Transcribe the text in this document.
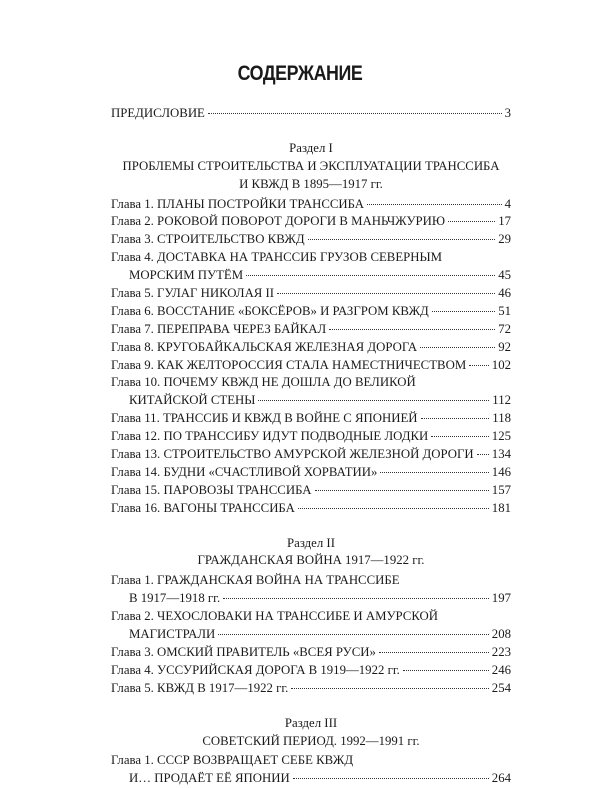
СОДЕРЖАНИЕ
ПРЕДИСЛОВИЕ	3
Раздел I
ПРОБЛЕМЫ СТРОИТЕЛЬСТВА И ЭКСПЛУАТАЦИИ ТРАНССИБА
И КВЖД В 1895—1917 гг.
Глава 1. ПЛАНЫ ПОСТРОЙКИ ТРАНССИБА	4
Глава 2. РОКОВОЙ ПОВОРОТ ДОРОГИ В МАНЬЧЖУРИЮ	17
Глава 3. СТРОИТЕЛЬСТВО КВЖД	29
Глава 4. ДОСТАВКА НА ТРАНССИБ ГРУЗОВ СЕВЕРНЫМ
МОРСКИМ ПУТЁМ	45
Глава 5. ГУЛАГ НИКОЛАЯ II	46
Глава 6. ВОССТАНИЕ «БОКСЁРОВ» И РАЗГРОМ КВЖД	51
Глава 7. ПЕРЕПРАВА ЧЕРЕЗ БАЙКАЛ	72
Глава 8. КРУГОБАЙКАЛЬСКАЯ ЖЕЛЕЗНАЯ ДОРОГА	92
Глава 9. КАК ЖЕЛТОРОССИЯ СТАЛА НАМЕСТНИЧЕСТВОМ 102
Глава 10. ПОЧЕМУ КВЖД НЕ ДОШЛА ДО ВЕЛИКОЙ
КИТАЙСКОЙ СТЕНЫ	112
Глава 11. ТРАНССИБ И КВЖД В ВОЙНЕ С ЯПОНИЕЙ	118
Глава 12. ПО ТРАНССИБУ ИДУТ ПОДВОДНЫЕ ЛОДКИ	125
Глава 13. СТРОИТЕЛЬСТВО АМУРСКОЙ ЖЕЛЕЗНОЙ ДОРОГИ 134
Глава 14. БУДНИ «СЧАСТЛИВОЙ ХОРВАТИИ»	146
Глава 15. ПАРОВОЗЫ ТРАНССИБА	157
Глава 16. ВАГОНЫ ТРАНССИБА	181
Раздел II
ГРАЖДАНСКАЯ ВОЙНА 1917—1922 гг.
Глава 1. ГРАЖДАНСКАЯ ВОЙНА НА ТРАНССИБЕ
В 1917—1918 гг.	197
Глава 2. ЧЕХОСЛОВАКИ НА ТРАНССИБЕ И АМУРСКОЙ
МАГИСТРАЛИ	208
Глава 3. ОМСКИЙ ПРАВИТЕЛЬ «ВСЕЯ РУСИ»	223
Глава 4. УССУРИЙСКАЯ ДОРОГА В 1919—1922 гг.	246
Глава 5. КВЖД В 1917—1922 гг.	254
Раздел III
СОВЕТСКИЙ ПЕРИОД. 1992—1991 гг.
Глава 1. СССР ВОЗВРАЩАЕТ СЕБЕ КВЖД
И… ПРОДАЁТ ЕЁ ЯПОНИИ	264
